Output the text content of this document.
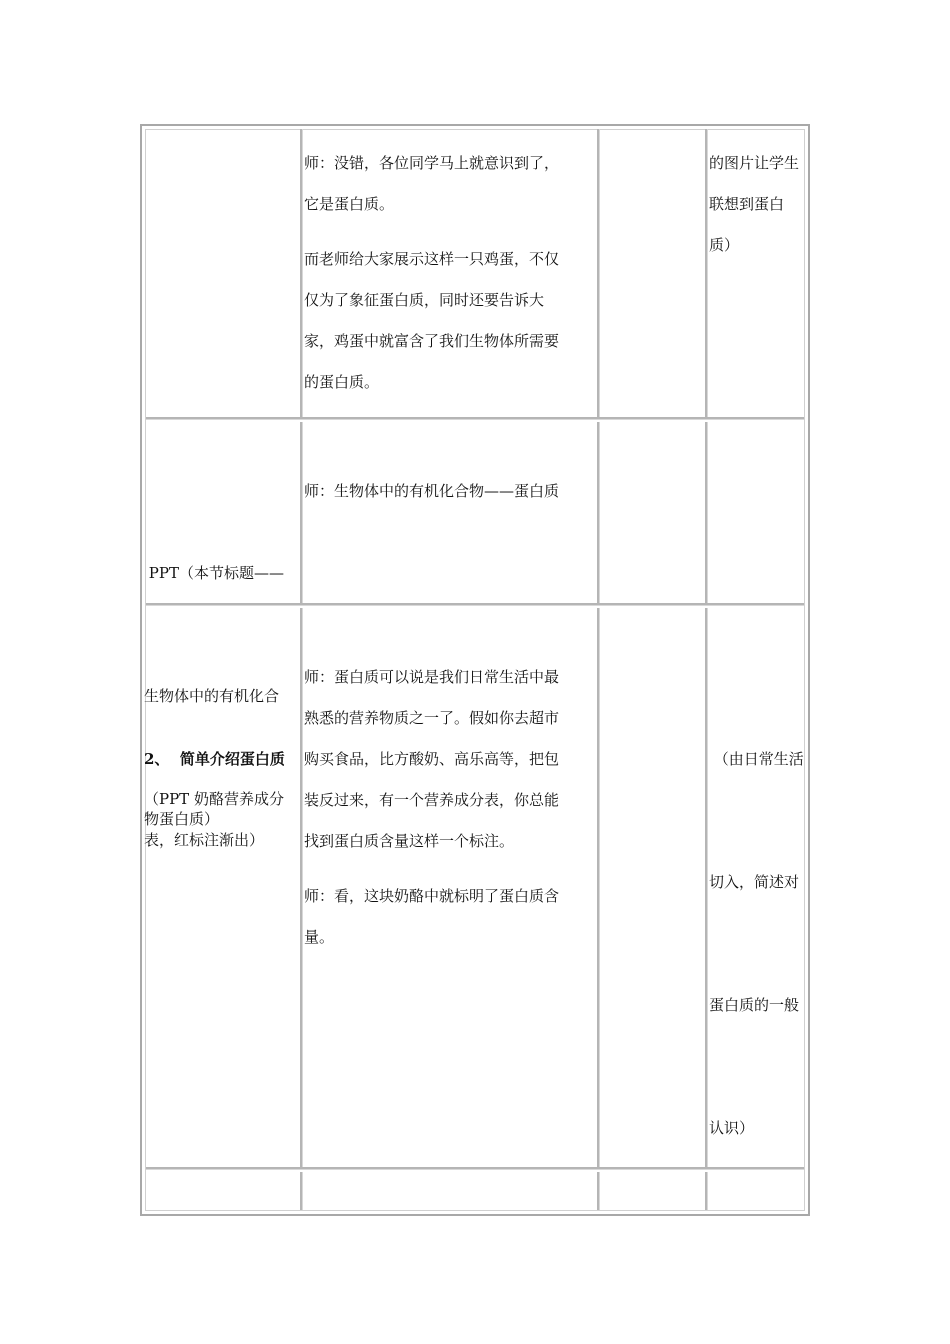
师：没错，各位同学马上就意识到了，

它是蛋白质。

而老师给大家展示这样一只鸡蛋，不仅

仅为了象征蛋白质，同时还要告诉大

家，鸡蛋中就富含了我们生物体所需要

的蛋白质。

的图片让学生

联想到蛋白

质）

PPT（本节标题——

生物体中的有机化合

物蛋白质）

师：生物体中的有机化合物——蛋白质

2、  简单介绍蛋白质

（PPT 奶酪营养成分

表，红标注渐出）

师：蛋白质可以说是我们日常生活中最

熟悉的营养物质之一了。假如你去超市

购买食品，比方酸奶、高乐高等，把包

装反过来，有一个营养成分表，你总能

找到蛋白质含量这样一个标注。

师：看，这块奶酪中就标明了蛋白质含

量。

（由日常生活

切入，简述对

蛋白质的一般

认识）
